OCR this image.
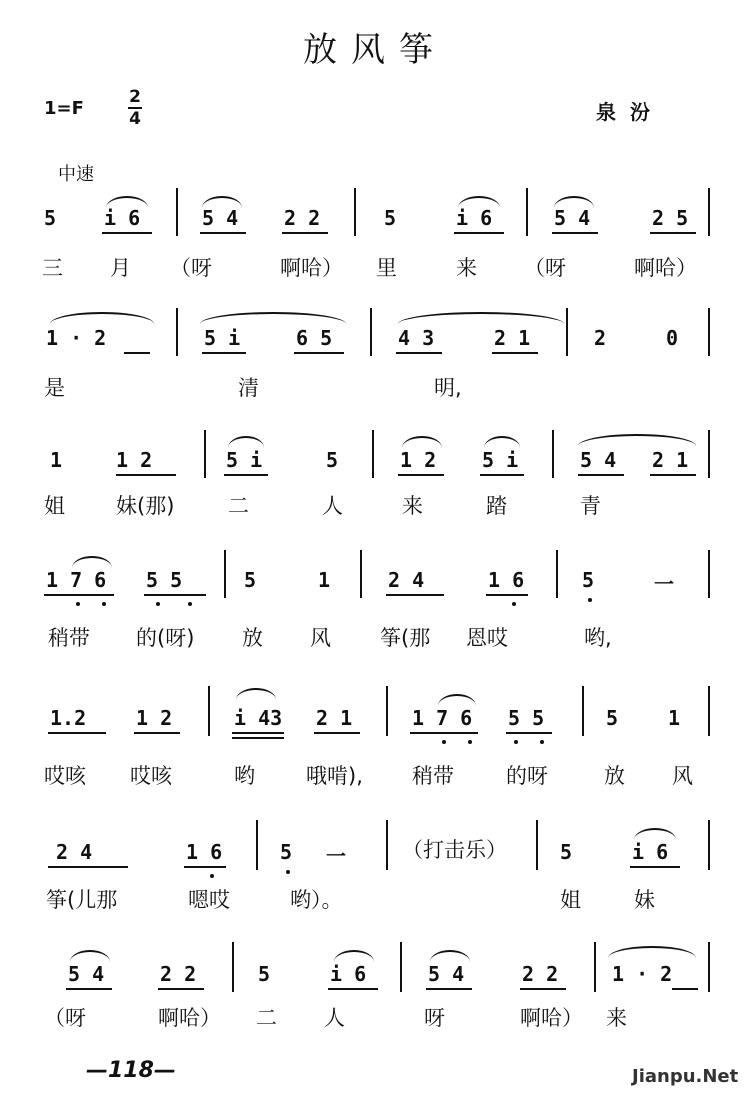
放风筝
1=F
2
4	泉汾
中速
5 i 6	5 4 2 2	5	i 6	5 4	2 5
三 月 （呀	啊哈） 里	来 （呀	啊哈）
1 · 2	5 i	6 5	4 3	2 1	2	0
是	清	明,
1	1 2	5 i	5	1 2 5 i	5 4 2 1
姐 妹(那)	二	人	来	踏	青
1 7 6 5 5	5	1	2 4	1 6	5	一
稍带 的(呀) 放 风 筝(那 恩哎	哟,
1.2 1 2	i 43 2 1	1 7 6 5 5	5 1
哎咳 哎咳	哟 哦啃), 稍带 的呀	放 风
2 4	1 6	5 一	（打击乐）	5	i 6
筝(儿那	嗯哎	哟）。	姐	妹
5 4	2 2	5	i 6	5 4	2 2	1 · 2
（呀	啊哈） 二 人	呀	啊哈） 来
—118—	Jianpu.Net
